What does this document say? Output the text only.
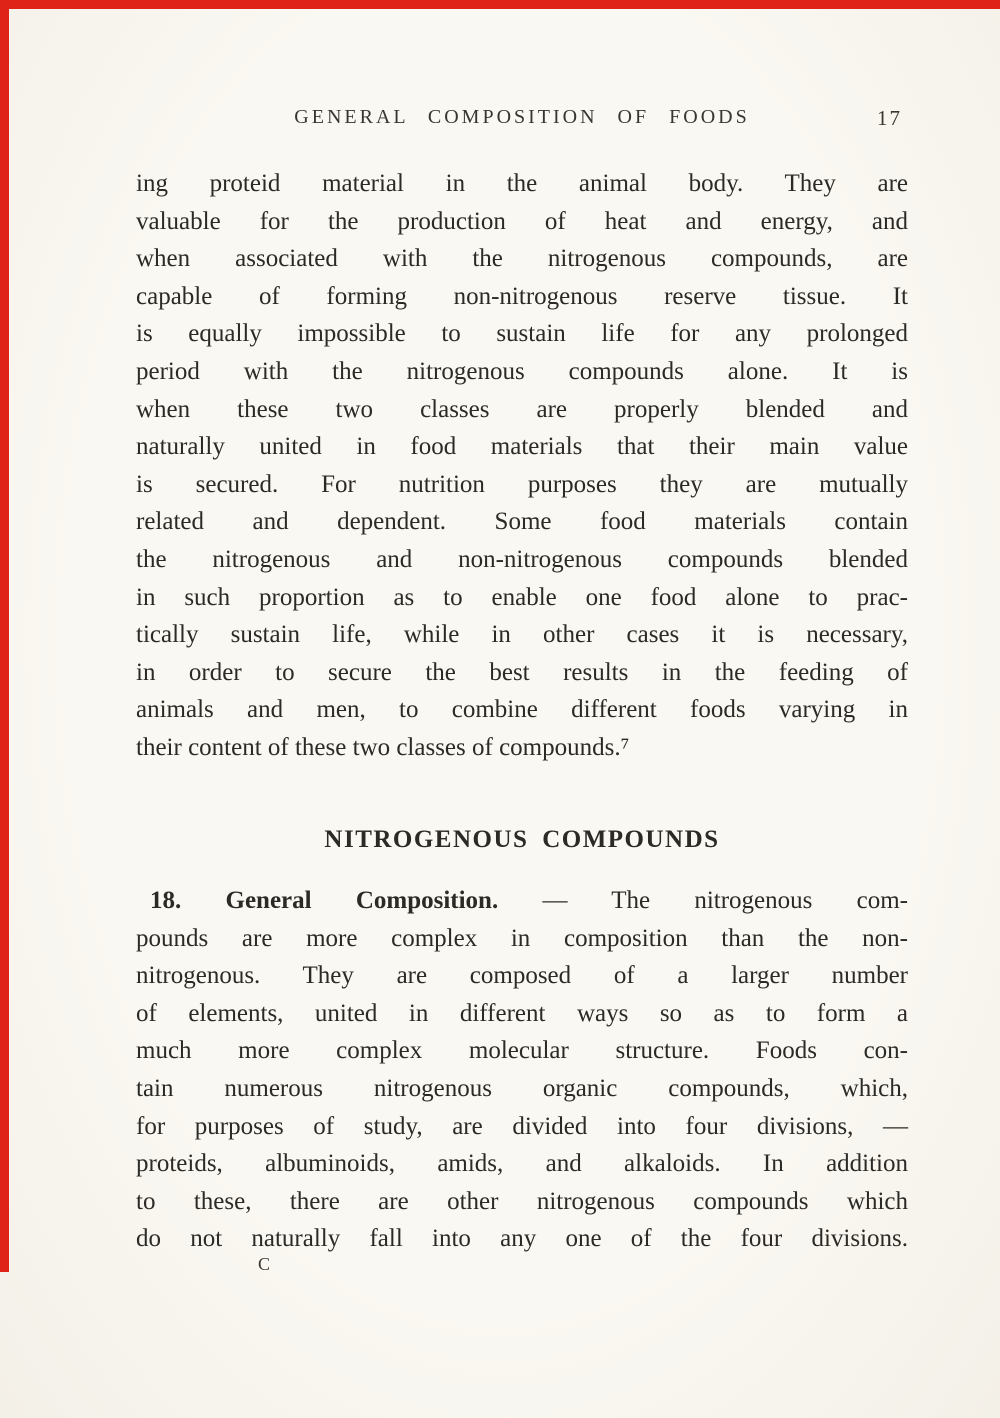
GENERAL COMPOSITION OF FOODS	17
ing proteid material in the animal body. They are
valuable for the production of heat and energy, and
when associated with the nitrogenous compounds, are
capable of forming non-nitrogenous reserve tissue. It
is equally impossible to sustain life for any prolonged
period with the nitrogenous compounds alone. It is
when these two classes are properly blended and
naturally united in food materials that their main value
is secured. For nutrition purposes they are mutually
related and dependent. Some food materials contain
the nitrogenous and non-nitrogenous compounds blended
in such proportion as to enable one food alone to prac-
tically sustain life, while in other cases it is necessary,
in order to secure the best results in the feeding of
animals and men, to combine different foods varying in
their content of these two classes of compounds.⁷
NITROGENOUS COMPOUNDS
18. General Composition. — The nitrogenous com-
pounds are more complex in composition than the non-
nitrogenous. They are composed of a larger number
of elements, united in different ways so as to form a
much more complex molecular structure. Foods con-
tain numerous nitrogenous organic compounds, which,
for purposes of study, are divided into four divisions, —
proteids, albuminoids, amids, and alkaloids. In addition
to these, there are other nitrogenous compounds which
do not naturally fall into any one of the four divisions.
C
